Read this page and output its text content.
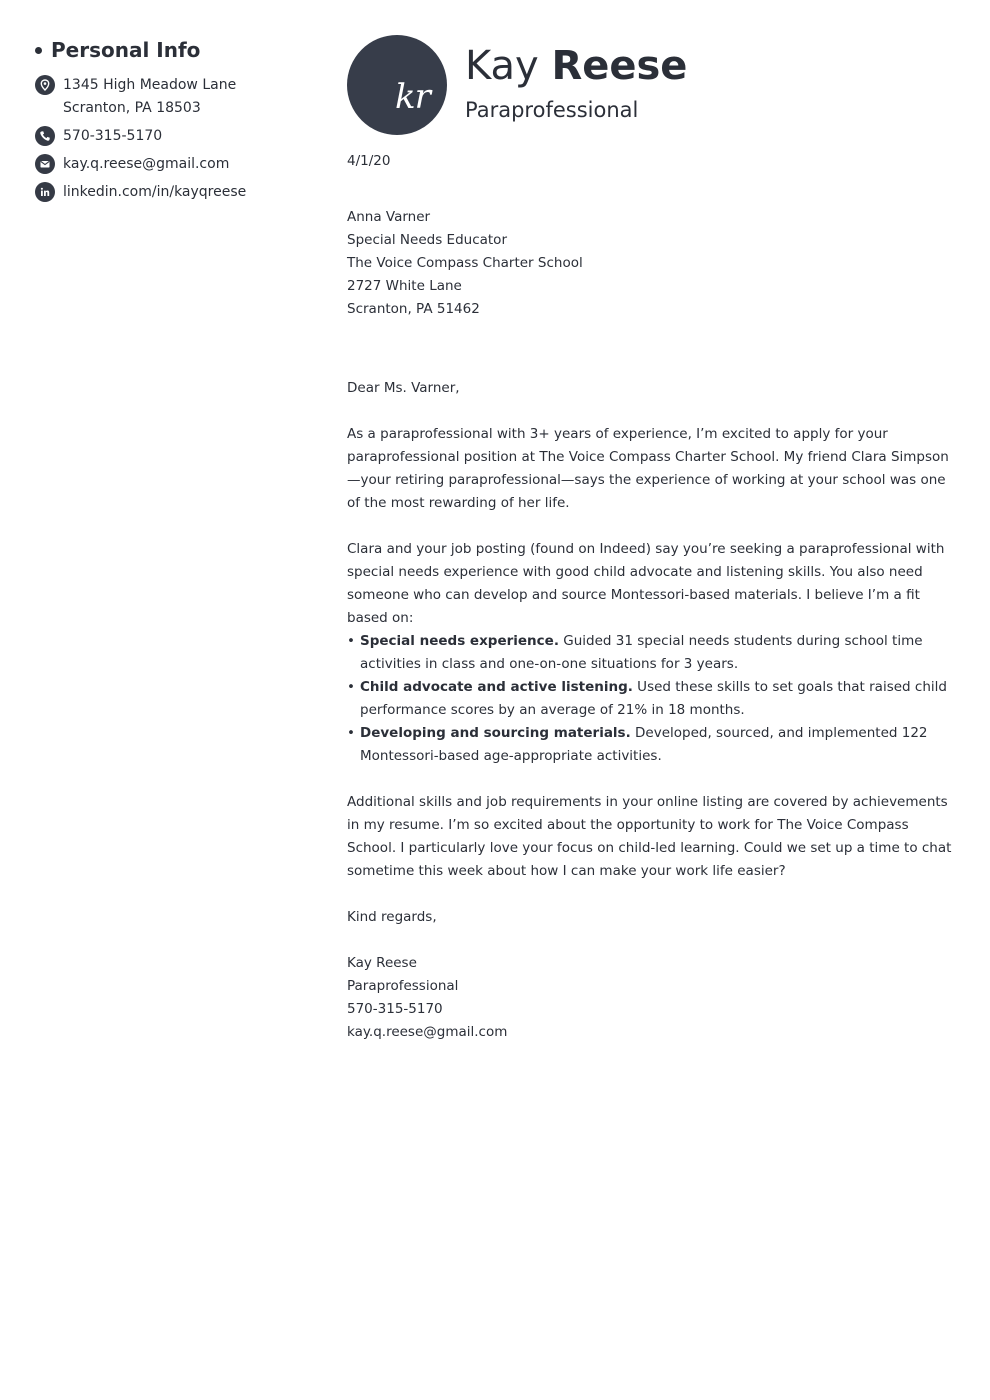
Personal Info
1345 High Meadow Lane
Scranton, PA 18503
570-315-5170
kay.q.reese@gmail.com
linkedin.com/in/kayqreese
kr
Kay Reese
Paraprofessional

4/1/20

Anna Varner
Special Needs Educator
The Voice Compass Charter School
2727 White Lane
Scranton, PA 51462

Dear Ms. Varner,

As a paraprofessional with 3+ years of experience, I’m excited to apply for your paraprofessional position at The Voice Compass Charter School. My friend Clara Simpson—your retiring paraprofessional—says the experience of working at your school was one of the most rewarding of her life.

Clara and your job posting (found on Indeed) say you’re seeking a paraprofessional with special needs experience with good child advocate and listening skills. You also need someone who can develop and source Montessori-based materials. I believe I’m a fit based on:

• Special needs experience. Guided 31 special needs students during school time activities in class and one-on-one situations for 3 years.
• Child advocate and active listening. Used these skills to set goals that raised child performance scores by an average of 21% in 18 months.
• Developing and sourcing materials. Developed, sourced, and implemented 122 Montessori-based age-appropriate activities.

Additional skills and job requirements in your online listing are covered by achievements in my resume. I’m so excited about the opportunity to work for The Voice Compass School. I particularly love your focus on child-led learning. Could we set up a time to chat sometime this week about how I can make your work life easier?

Kind regards,

Kay Reese
Paraprofessional
570-315-5170
kay.q.reese@gmail.com
